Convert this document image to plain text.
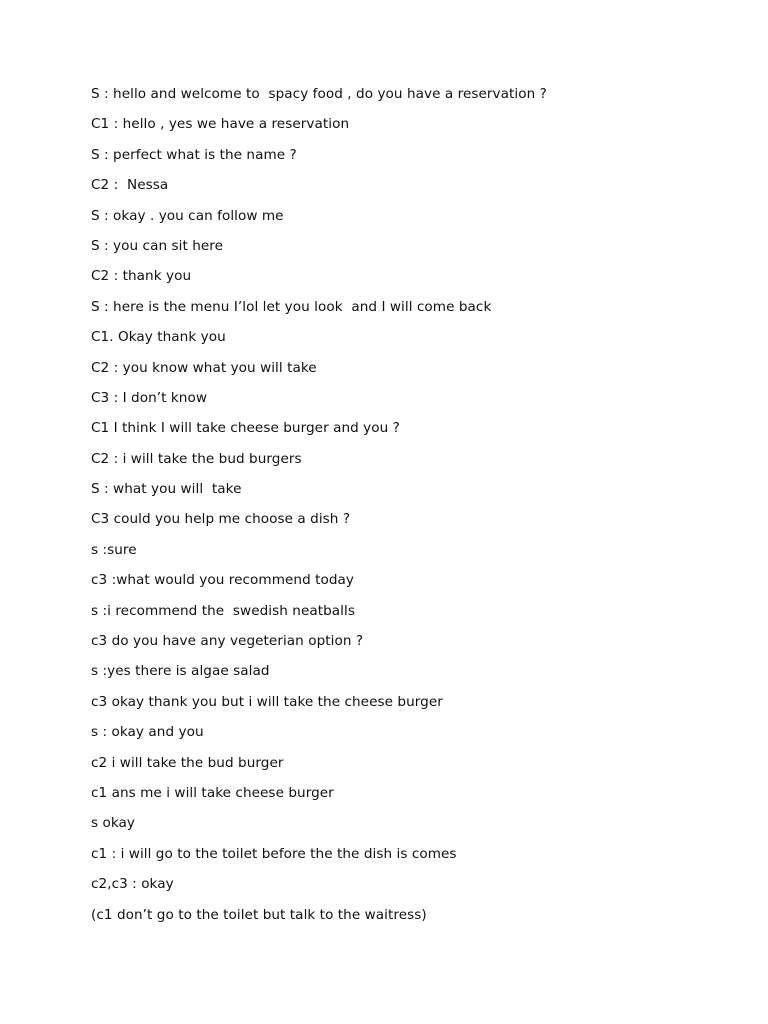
S : hello and welcome to  spacy food , do you have a reservation ?
C1 : hello , yes we have a reservation
S : perfect what is the name ?
C2 :  Nessa
S : okay . you can follow me
S : you can sit here
C2 : thank you
S : here is the menu I’lol let you look  and I will come back
C1. Okay thank you
C2 : you know what you will take
C3 : I don’t know
C1 I think I will take cheese burger and you ?
C2 : i will take the bud burgers
S : what you will  take
C3 could you help me choose a dish ?
s :sure
c3 :what would you recommend today
s :i recommend the  swedish neatballs
c3 do you have any vegeterian option ?
s :yes there is algae salad
c3 okay thank you but i will take the cheese burger
s : okay and you
c2 i will take the bud burger
c1 ans me i will take cheese burger
s okay
c1 : i will go to the toilet before the the dish is comes
c2,c3 : okay
(c1 don’t go to the toilet but talk to the waitress)
